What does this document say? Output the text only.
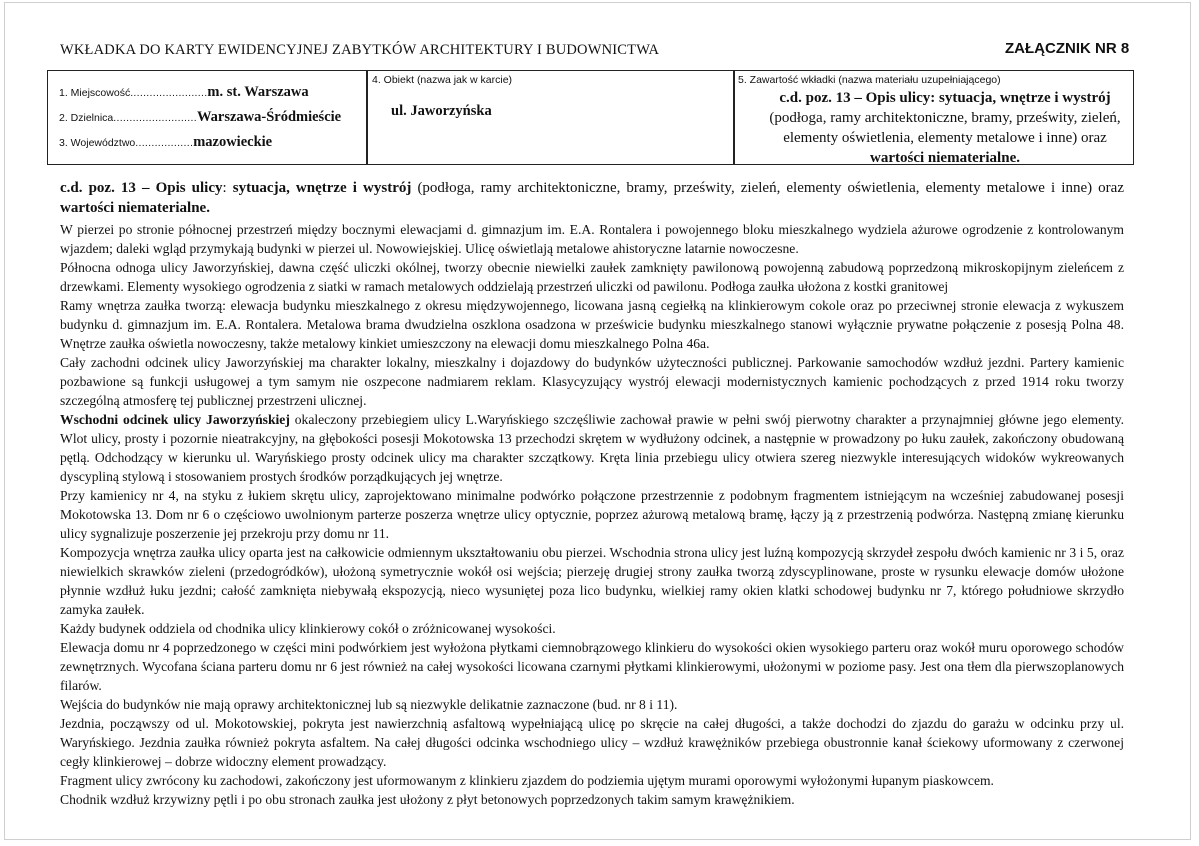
WKŁADKA DO KARTY EWIDENCYJNEJ ZABYTKÓW ARCHITEKTURY I BUDOWNICTWA	ZAŁĄCZNIK NR 8
1. Miejscowość........................m. st. Warszawa
2. Dzielnica..........................Warszawa-Śródmieście
3. Województwo..................mazowieckie
4. Obiekt (nazwa jak w karcie)
ul. Jaworzyńska
5. Zawartość wkładki (nazwa materiału uzupełniającego)
c.d. poz. 13 – Opis ulicy: sytuacja, wnętrze i wystrój (podłoga, ramy architektoniczne, bramy, prześwity, zieleń, elementy oświetlenia, elementy metalowe i inne) oraz wartości niematerialne.
c.d. poz. 13 – Opis ulicy: sytuacja, wnętrze i wystrój (podłoga, ramy architektoniczne, bramy, prześwity, zieleń, elementy oświetlenia, elementy metalowe i inne) oraz wartości niematerialne.

W pierzei po stronie północnej przestrzeń między bocznymi elewacjami d. gimnazjum im. E.A. Rontalera i powojennego bloku mieszkalnego wydziela ażurowe ogrodzenie z kontrolowanym wjazdem; daleki wgląd przymykają budynki w pierzei ul. Nowowiejskiej. Ulicę oświetlają metalowe ahistoryczne latarnie nowoczesne.

Północna odnoga ulicy Jaworzyńskiej, dawna część uliczki okólnej, tworzy obecnie niewielki zaułek zamknięty pawilonową powojenną zabudową poprzedzoną mikroskopijnym zieleńcem z drzewkami. Elementy wysokiego ogrodzenia z siatki w ramach metalowych oddzielają przestrzeń uliczki od pawilonu. Podłoga zaułka ułożona z kostki granitowej

Ramy wnętrza zaułka tworzą: elewacja budynku mieszkalnego z okresu międzywojennego, licowana jasną cegiełką na klinkierowym cokole oraz po przeciwnej stronie elewacja z wykuszem budynku d. gimnazjum im. E.A. Rontalera. Metalowa brama dwudzielna oszklona osadzona w prześwicie budynku mieszkalnego stanowi wyłącznie prywatne połączenie z posesją Polna 48. Wnętrze zaułka oświetla nowoczesny, także metalowy kinkiet umieszczony na elewacji domu mieszkalnego Polna 46a.

Cały zachodni odcinek ulicy Jaworzyńskiej ma charakter lokalny, mieszkalny i dojazdowy do budynków użyteczności publicznej. Parkowanie samochodów wzdłuż jezdni. Partery kamienic pozbawione są funkcji usługowej a tym samym nie oszpecone nadmiarem reklam. Klasycyzujący wystrój elewacji modernistycznych kamienic pochodzących z przed 1914 roku tworzy szczególną atmosferę tej publicznej przestrzeni ulicznej.

Wschodni odcinek ulicy Jaworzyńskiej okaleczony przebiegiem ulicy L.Waryńskiego szczęśliwie zachował prawie w pełni swój pierwotny charakter a przynajmniej główne jego elementy. Wlot ulicy, prosty i pozornie nieatrakcyjny, na głębokości posesji Mokotowska 13 przechodzi skrętem w wydłużony odcinek, a następnie w prowadzony po łuku zaułek, zakończony obudowaną pętlą. Odchodzący w kierunku ul. Waryńskiego prosty odcinek ulicy ma charakter szczątkowy. Kręta linia przebiegu ulicy otwiera szereg niezwykle interesujących widoków wykreowanych dyscypliną stylową i stosowaniem prostych środków porządkujących jej wnętrze.

Przy kamienicy nr 4, na styku z łukiem skrętu ulicy, zaprojektowano minimalne podwórko połączone przestrzennie z podobnym fragmentem istniejącym na wcześniej zabudowanej posesji Mokotowska 13. Dom nr 6 o częściowo uwolnionym parterze poszerza wnętrze ulicy optycznie, poprzez ażurową metalową bramę, łączy ją z przestrzenią podwórza. Następną zmianę kierunku ulicy sygnalizuje poszerzenie jej przekroju przy domu nr 11.

Kompozycja wnętrza zaułka ulicy oparta jest na całkowicie odmiennym ukształtowaniu obu pierzei. Wschodnia strona ulicy jest luźną kompozycją skrzydeł zespołu dwóch kamienic nr 3 i 5, oraz niewielkich skrawków zieleni (przedogródków), ułożoną symetrycznie wokół osi wejścia; pierzeję drugiej strony zaułka tworzą zdyscyplinowane, proste w rysunku elewacje domów ułożone płynnie wzdłuż łuku jezdni; całość zamknięta niebywałą ekspozycją, nieco wysuniętej poza lico budynku, wielkiej ramy okien klatki schodowej budynku nr 7, którego południowe skrzydło zamyka zaułek.

Każdy budynek oddziela od chodnika ulicy klinkierowy cokół o zróżnicowanej wysokości.

Elewacja domu nr 4 poprzedzonego w części mini podwórkiem jest wyłożona płytkami ciemnobrązowego klinkieru do wysokości okien wysokiego parteru oraz wokół muru oporowego schodów zewnętrznych. Wycofana ściana parteru domu nr 6 jest również na całej wysokości licowana czarnymi płytkami klinkierowymi, ułożonymi w poziome pasy. Jest ona tłem dla pierwszoplanowych filarów.

Wejścia do budynków nie mają oprawy architektonicznej lub są niezwykle delikatnie zaznaczone (bud. nr 8 i 11).

Jezdnia, począwszy od ul. Mokotowskiej, pokryta jest nawierzchnią asfaltową wypełniającą ulicę po skręcie na całej długości, a także dochodzi do zjazdu do garażu w odcinku przy ul. Waryńskiego. Jezdnia zaułka również pokryta asfaltem. Na całej długości odcinka wschodniego ulicy – wzdłuż krawężników przebiega obustronnie kanał ściekowy uformowany z czerwonej cegły klinkierowej – dobrze widoczny element prowadzący.

Fragment ulicy zwrócony ku zachodowi, zakończony jest uformowanym z klinkieru zjazdem do podziemia ujętym murami oporowymi wyłożonymi łupanym piaskowcem.

Chodnik wzdłuż krzywizny pętli i po obu stronach zaułka jest ułożony z płyt betonowych poprzedzonych takim samym krawężnikiem.
